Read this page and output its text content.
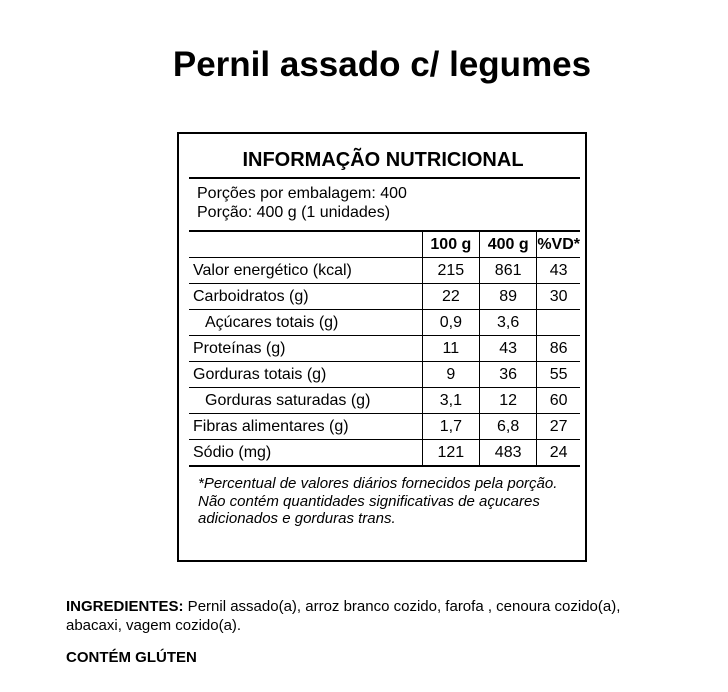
Pernil assado c/ legumes
INFORMAÇÃO NUTRICIONAL
Porções por embalagem: 400
Porção: 400 g (1 unidades)
	100 g	400 g	%VD*
Valor energético (kcal)	215	861	43
Carboidratos (g)	22	89	30
Açúcares totais (g)	0,9	3,6	
Proteínas (g)	11	43	86
Gorduras totais (g)	9	36	55
Gorduras saturadas (g)	3,1	12	60
Fibras alimentares (g)	1,7	6,8	27
Sódio (mg)	121	483	24
*Percentual de valores diários fornecidos pela porção.
Não contém quantidades significativas de açucares adicionados e gorduras trans.
INGREDIENTES: Pernil assado(a), arroz branco cozido, farofa , cenoura cozido(a), abacaxi, vagem cozido(a).
CONTÉM GLÚTEN
